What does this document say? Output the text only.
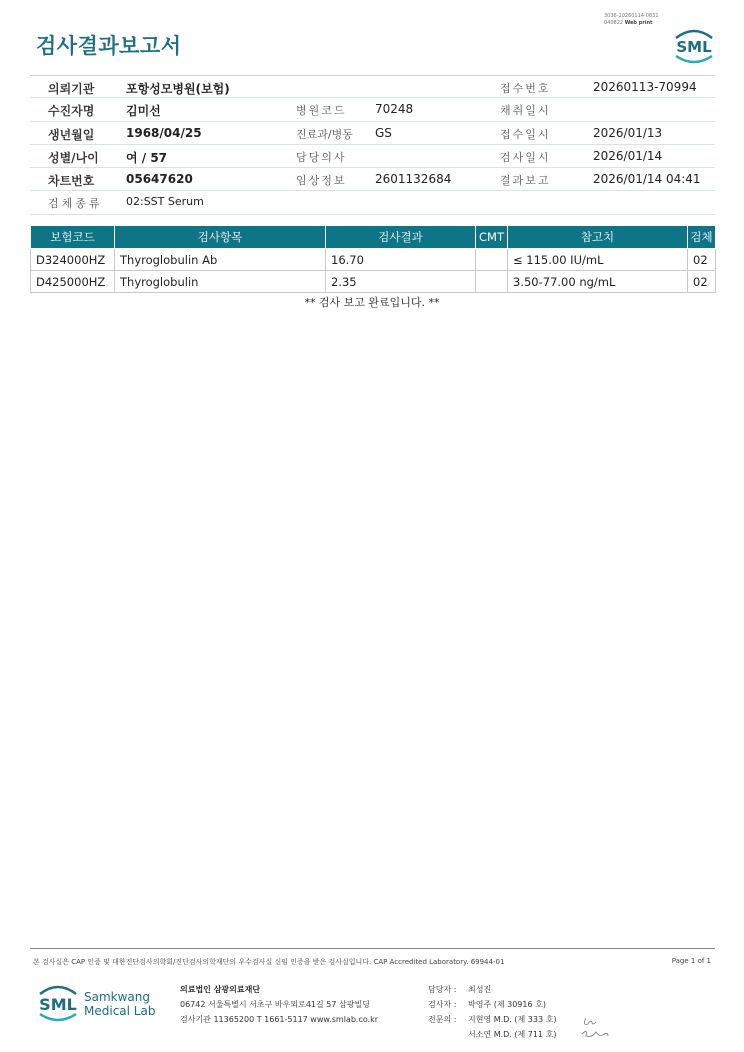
3036-20260114-0831
040822 Web print
검사결과보고서	SML
의뢰기관	포항성모병원(보험)	접수번호	20260113-70994
수진자명	김미선	병원코드 70248	채취일시
생년월일	1968/04/25	진료과/병동 GS	접수일시	2026/01/13
성별/나이 여 / 57	담당의사	검사일시	2026/01/14
차트번호	05647620	임상정보 2601132684	결과보고	2026/01/14 04:41
검체종류 02:SST Serum
보험코드	검사항목	검사결과	CMT	참고치	검체
D324000HZ	Thyroglobulin Ab	16.70		≤ 115.00 IU/mL	02
D425000HZ	Thyroglobulin	2.35		3.50-77.00 ng/mL	02
** 검사 보고 완료입니다. **
본 검사실은 CAP 인증 및 대한진단검사의학회/진단검사의학재단의 우수검사실 신임 인증을 받은 검사실입니다. CAP Accredited Laboratory. 69944-01	Page 1 of 1
SML Samkwang
Medical Lab
의료법인 삼광의료재단
06742 서울특별시 서초구 바우뫼로41길 57 삼광빌딩
검사기관 11365200 T 1661-5117 www.smlab.co.kr
담당자 : 최성진
검사자 : 박영주 (제 30916 호)
전문의 : 지현영 M.D. (제 333 호)
서소연 M.D. (제 711 호)
